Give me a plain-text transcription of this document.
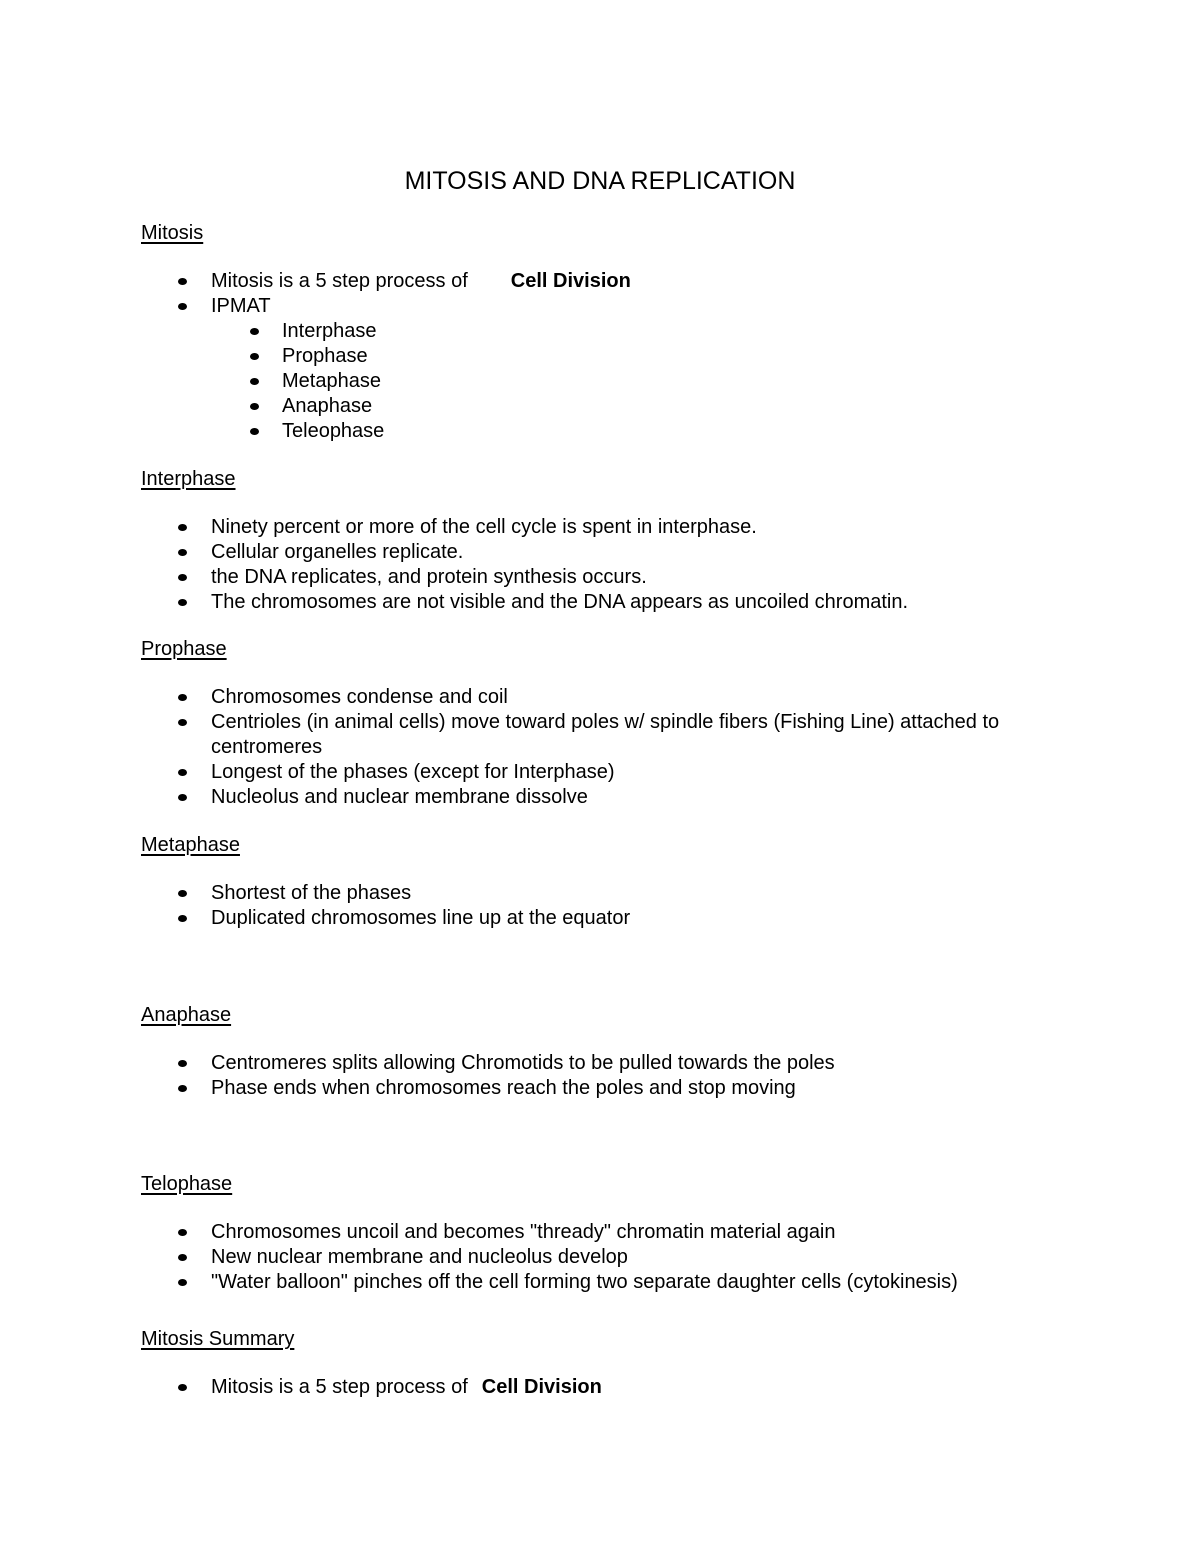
MITOSIS AND DNA REPLICATION
Mitosis
Mitosis is a 5 step process of Cell Division
IPMAT
Interphase
Prophase
Metaphase
Anaphase
Teleophase
Interphase
Ninety percent or more of the cell cycle is spent in interphase.
Cellular organelles replicate.
the DNA replicates, and protein synthesis occurs.
The chromosomes are not visible and the DNA appears as uncoiled chromatin.
Prophase
Chromosomes condense and coil
Centrioles (in animal cells) move toward poles w/ spindle fibers (Fishing Line) attached to centromeres
Longest of the phases (except for Interphase)
Nucleolus and nuclear membrane dissolve
Metaphase
Shortest of the phases
Duplicated chromosomes line up at the equator
Anaphase
Centromeres splits allowing Chromotids to be pulled towards the poles
Phase ends when chromosomes reach the poles and stop moving
Telophase
Chromosomes uncoil and becomes "thready" chromatin material again
New nuclear membrane and nucleolus develop
"Water balloon" pinches off the cell forming two separate daughter cells (cytokinesis)
Mitosis Summary
Mitosis is a 5 step process of Cell Division
